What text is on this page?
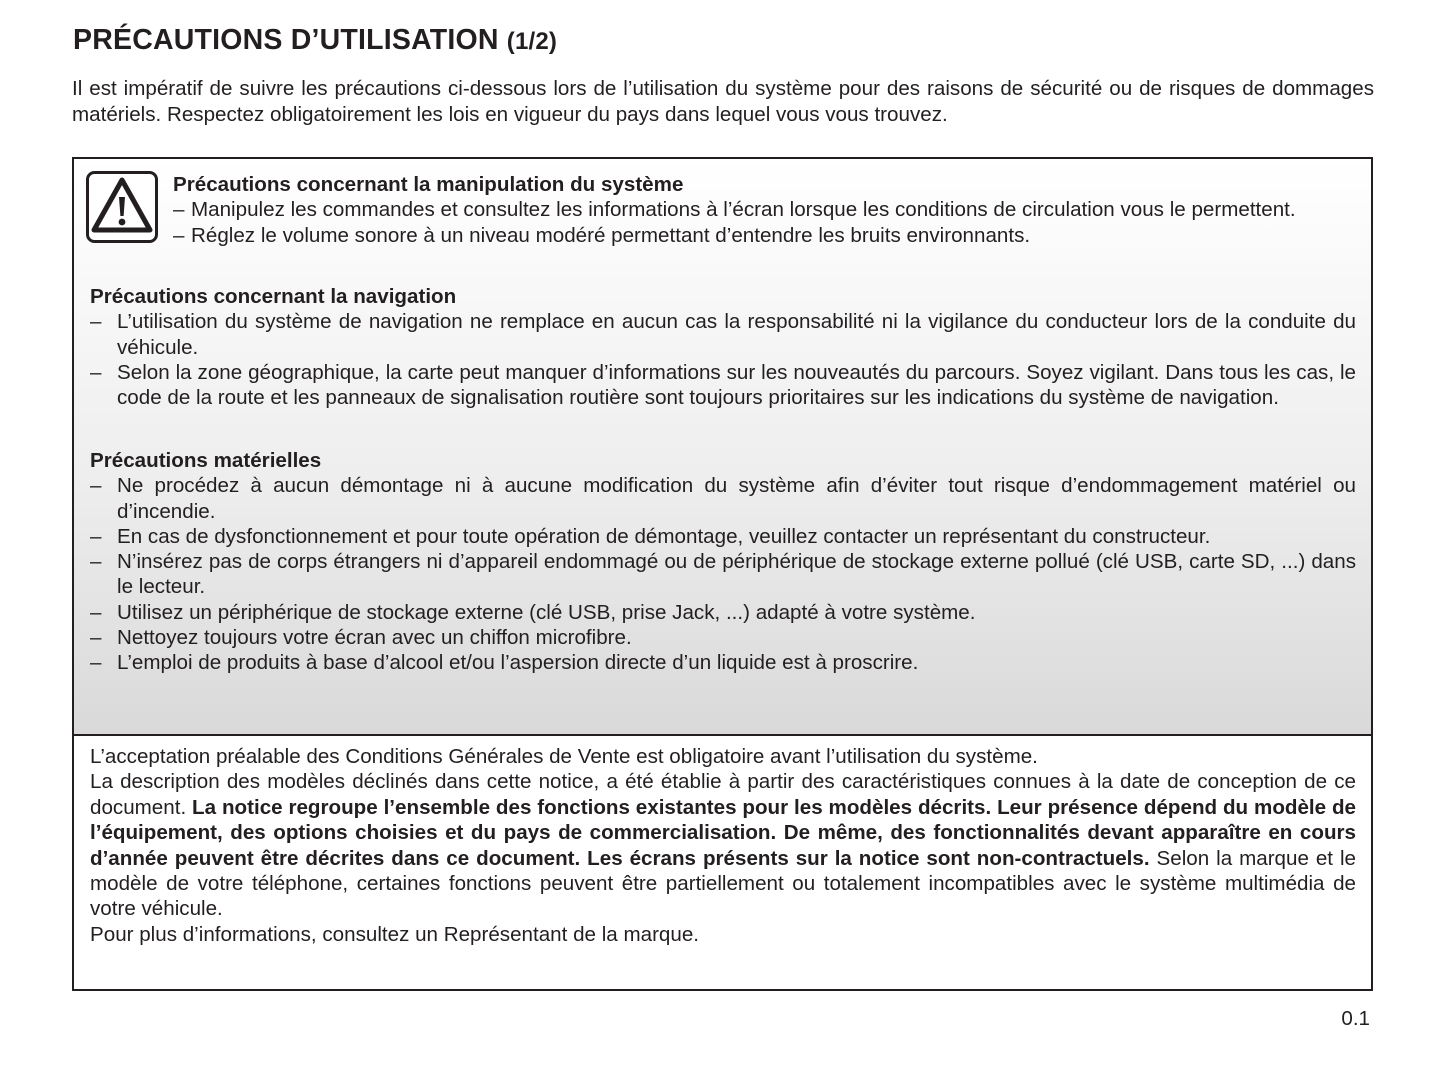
PRÉCAUTIONS D’UTILISATION (1/2)
Il est impératif de suivre les précautions ci-dessous lors de l’utilisation du système pour des raisons de sécurité ou de risques de dommages matériels. Respectez obligatoirement les lois en vigueur du pays dans lequel vous vous trouvez.
Précautions concernant la manipulation du système
– Manipulez les commandes et consultez les informations à l’écran lorsque les conditions de circulation vous le permettent.
– Réglez le volume sonore à un niveau modéré permettant d’entendre les bruits environnants.
Précautions concernant la navigation
– L’utilisation du système de navigation ne remplace en aucun cas la responsabilité ni la vigilance du conducteur lors de la conduite du véhicule.
– Selon la zone géographique, la carte peut manquer d’informations sur les nouveautés du parcours. Soyez vigilant. Dans tous les cas, le code de la route et les panneaux de signalisation routière sont toujours prioritaires sur les indications du système de navigation.
Précautions matérielles
– Ne procédez à aucun démontage ni à aucune modification du système afin d’éviter tout risque d’endommagement matériel ou d’incendie.
– En cas de dysfonctionnement et pour toute opération de démontage, veuillez contacter un représentant du constructeur.
– N’insérez pas de corps étrangers ni d’appareil endommagé ou de périphérique de stockage externe pollué (clé USB, carte SD, ...) dans le lecteur.
– Utilisez un périphérique de stockage externe (clé USB, prise Jack, ...) adapté à votre système.
– Nettoyez toujours votre écran avec un chiffon microfibre.
– L’emploi de produits à base d’alcool et/ou l’aspersion directe d’un liquide est à proscrire.

L’acceptation préalable des Conditions Générales de Vente est obligatoire avant l’utilisation du système.

La description des modèles déclinés dans cette notice, a été établie à partir des caractéristiques connues à la date de conception de ce document. La notice regroupe l’ensemble des fonctions existantes pour les modèles décrits. Leur présence dépend du modèle de l’équipement, des options choisies et du pays de commercialisation. De même, des fonctionnalités devant apparaître en cours d’année peuvent être décrites dans ce document. Les écrans présents sur la notice sont non-contractuels. Selon la marque et le modèle de votre téléphone, certaines fonctions peuvent être partiellement ou totalement incompatibles avec le système multimédia de votre véhicule.

Pour plus d’informations, consultez un Représentant de la marque.

0.1
